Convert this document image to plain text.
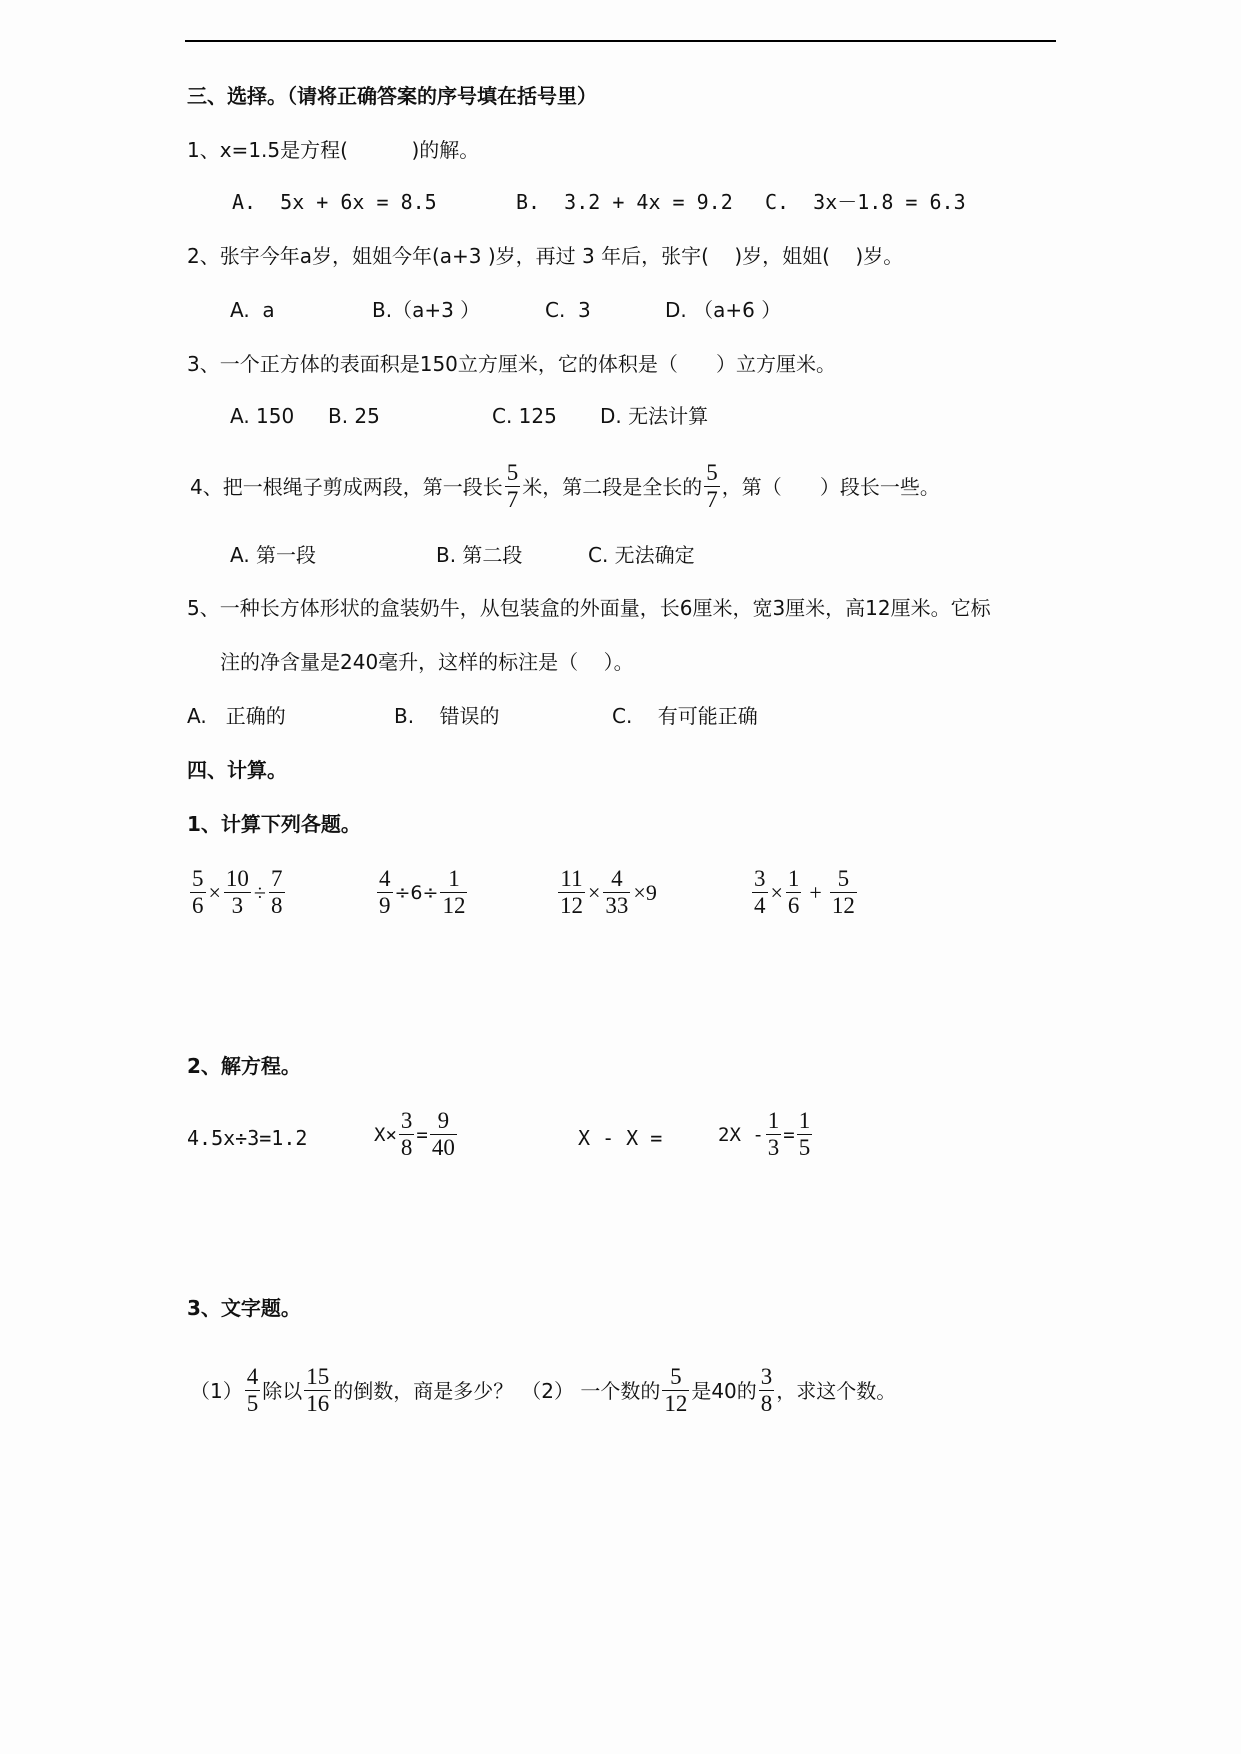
三、选择。（请将正确答案的序号填在括号里）
1、x=1.5是方程(          )的解。
A.  5x + 6x = 8.5	B.  3.2 + 4x = 9.2 C.  3x－1.8 = 6.3
2、张宇今年a岁，姐姐今年(a+3 )岁，再过 3 年后，张宇(    )岁，姐姐(    )岁。
A.  a	B.（a+3 ）	C.  3	D. （a+6 ）
3、一个正方体的表面积是150立方厘米，它的体积是（      ）立方厘米。
A. 150 B. 25	C. 125 D. 无法计算
4、把一根绳子剪成两段，第一段长 $\frac{5}{7}$ 米，第二段是全长的 $\frac{5}{7}$ ，第（      ）段长一些。
A. 第一段	B. 第二段	C. 无法确定
5、一种长方体形状的盒装奶牛，从包装盒的外面量，长6厘米，宽3厘米，高12厘米。它标
注的净含量是240毫升，这样的标注是（    ）。
A.   正确的	B.    错误的	C.    有可能正确
四、计算。
1、计算下列各题。
$\frac{5}{6} \times \frac{10}{3} \div \frac{7}{8}$	$\frac{4}{9} \div 6\div \frac{1}{12}$	$\frac{11}{12} \times \frac{4}{33} \times 9$	$\frac{3}{4} \times \frac{1}{6} + \frac{5}{12}$
2、解方程。
4.5x÷3=1.2	$X\times \frac{3}{8} = \frac{9}{40}$	X - X =	$2X - \frac{1}{3} = \frac{1}{5}$
3、文字题。
$(1) \frac{4}{5}$ 除以 $\frac{15}{16}$ 的倒数，商是多少？ （2） 一个数的 $\frac{5}{12}$ 是40的 $\frac{3}{8}$ ，求这个数。
